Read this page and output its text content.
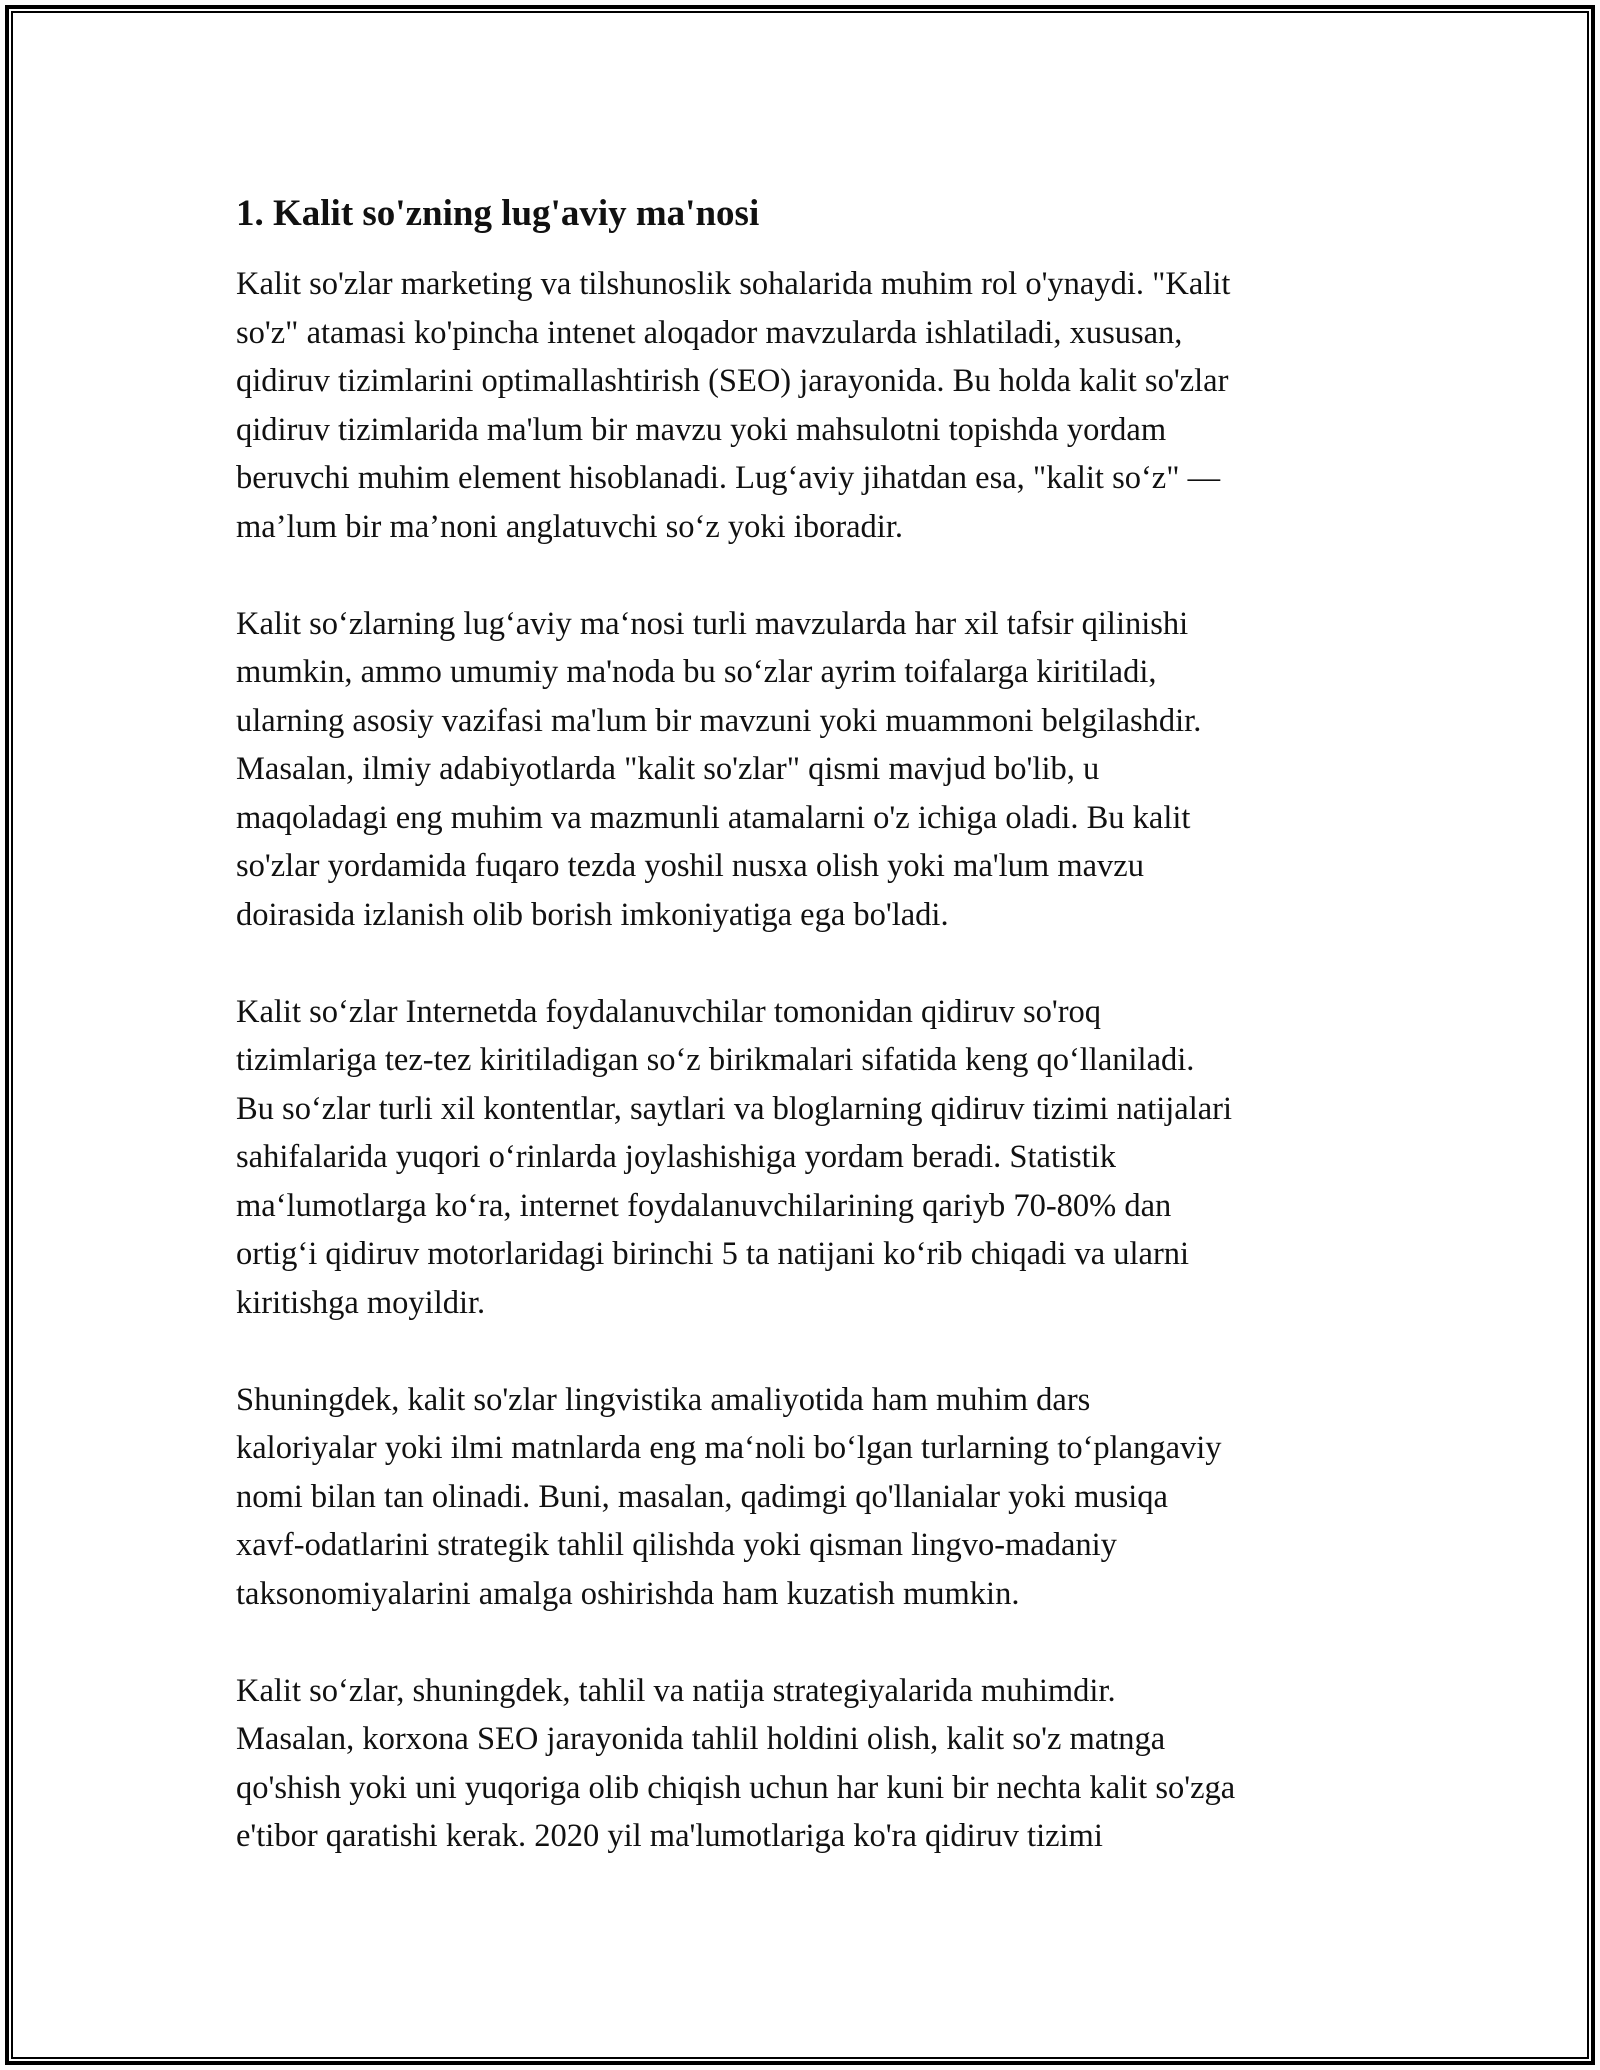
1. Kalit so'zning lug'aviy ma'nosi

Kalit so'zlar marketing va tilshunoslik sohalarida muhim rol o'ynaydi. "Kalit
so'z" atamasi ko'pincha intenet aloqador mavzularda ishlatiladi, xususan,
qidiruv tizimlarini optimallashtirish (SEO) jarayonida. Bu holda kalit so'zlar
qidiruv tizimlarida ma'lum bir mavzu yoki mahsulotni topishda yordam
beruvchi muhim element hisoblanadi. Lug‘aviy jihatdan esa, "kalit so‘z" —
ma’lum bir ma’noni anglatuvchi so‘z yoki iboradir.

Kalit so‘zlarning lug‘aviy ma‘nosi turli mavzularda har xil tafsir qilinishi
mumkin, ammo umumiy ma'noda bu so‘zlar ayrim toifalarga kiritiladi,
ularning asosiy vazifasi ma'lum bir mavzuni yoki muammoni belgilashdir.
Masalan, ilmiy adabiyotlarda "kalit so'zlar" qismi mavjud bo'lib, u
maqoladagi eng muhim va mazmunli atamalarni o'z ichiga oladi. Bu kalit
so'zlar yordamida fuqaro tezda yoshil nusxa olish yoki ma'lum mavzu
doirasida izlanish olib borish imkoniyatiga ega bo'ladi.

Kalit so‘zlar Internetda foydalanuvchilar tomonidan qidiruv so'roq
tizimlariga tez-tez kiritiladigan so‘z birikmalari sifatida keng qo‘llaniladi.
Bu so‘zlar turli xil kontentlar, saytlari va bloglarning qidiruv tizimi natijalari
sahifalarida yuqori o‘rinlarda joylashishiga yordam beradi. Statistik
ma‘lumotlarga ko‘ra, internet foydalanuvchilarining qariyb 70-80% dan
ortig‘i qidiruv motorlaridagi birinchi 5 ta natijani ko‘rib chiqadi va ularni
kiritishga moyildir.

Shuningdek, kalit so'zlar lingvistika amaliyotida ham muhim dars
kaloriyalar yoki ilmi matnlarda eng ma‘noli bo‘lgan turlarning to‘plangaviy
nomi bilan tan olinadi. Buni, masalan, qadimgi qo'llanialar yoki musiqa
xavf-odatlarini strategik tahlil qilishda yoki qisman lingvo-madaniy
taksonomiyalarini amalga oshirishda ham kuzatish mumkin.

Kalit so‘zlar, shuningdek, tahlil va natija strategiyalarida muhimdir.
Masalan, korxona SEO jarayonida tahlil holdini olish, kalit so'z matnga
qo'shish yoki uni yuqoriga olib chiqish uchun har kuni bir nechta kalit so'zga
e'tibor qaratishi kerak. 2020 yil ma'lumotlariga ko'ra qidiruv tizimi
